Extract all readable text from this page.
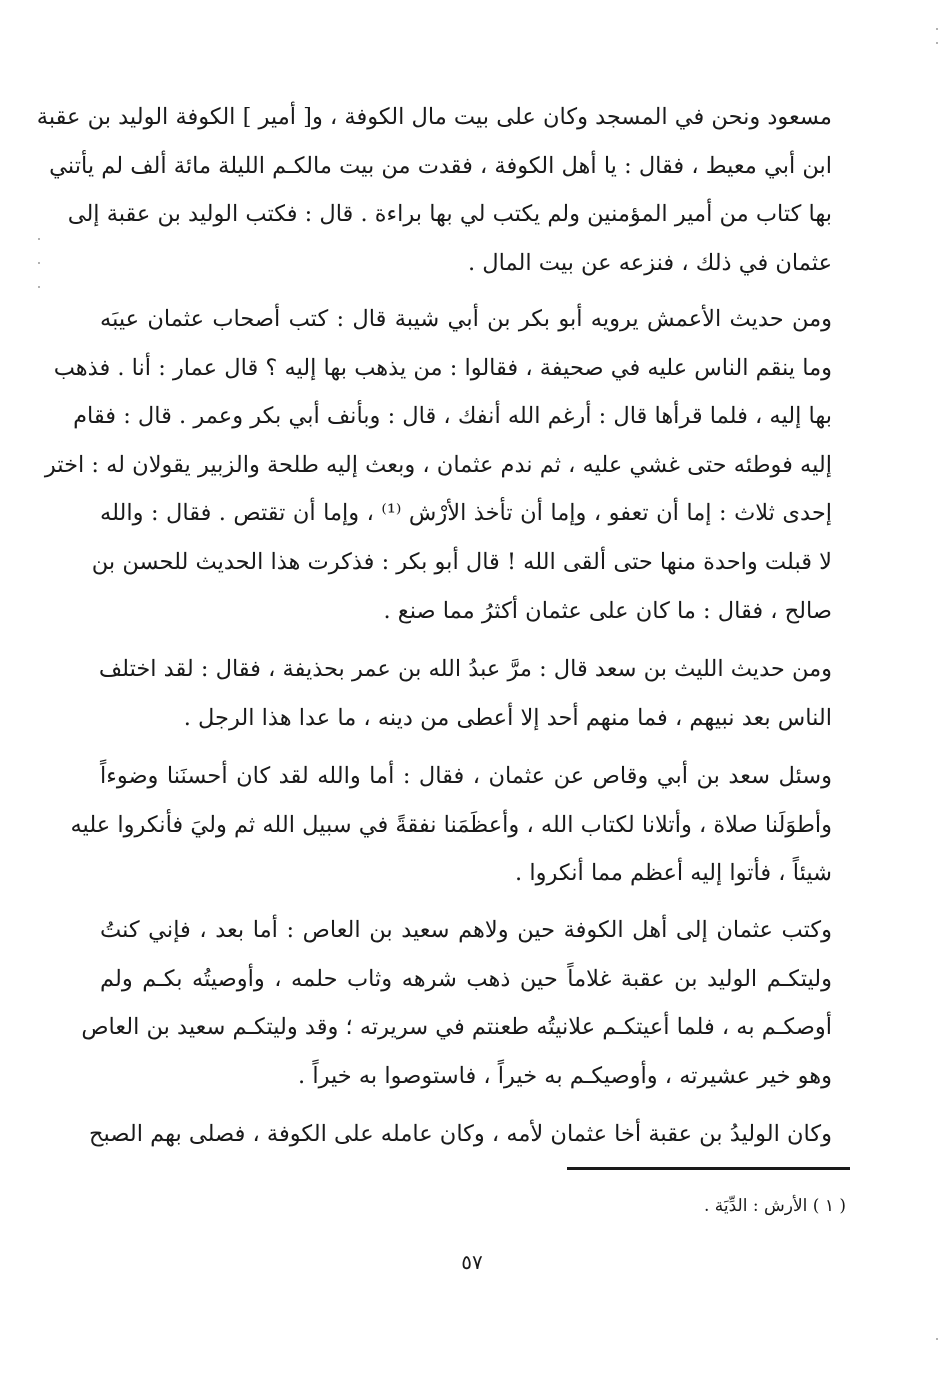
مسعود ونحن في المسجد وكان على بيت مال الكوفة ، و[ أمير ] الكوفة الوليد بن عقبة
ابن أبي معيط ، فقال : يا أهل الكوفة ، فقدت من بيت مالكـم الليلة مائة ألف لم يأتني
بها كتاب من أمير المؤمنين ولم يكتب لي بها براءة . قال : فكتب الوليد بن عقبة إلى
عثمان في ذلك ، فنزعه عن بيت المال .
ومن حديث الأعمش يرويه أبو بكر بن أبي شيبة قال : كتب أصحاب عثمان عيبَه
وما ينقم الناس عليه في صحيفة ، فقالوا : من يذهب بها إليه ؟ قال عمار : أنا . فذهب
بها إليه ، فلما قرأها قال : أرغم الله أنفك ، قال : وبأنف أبي بكر وعمر . قال : فقام
إليه فوطئه حتى غشي عليه ، ثم ندم عثمان ، وبعث إليه طلحة والزبير يقولان له : اختر
إحدى ثلاث : إما أن تعفو ، وإما أن تأخذ الأرْش ⁽¹⁾ ، وإما أن تقتص . فقال : والله
لا قبلت واحدة منها حتى ألقى الله ! قال أبو بكر : فذكرت هذا الحديث للحسن بن
صالح ، فقال : ما كان على عثمان أكثرُ مما صنع .
ومن حديث الليث بن سعد قال : مرَّ عبدُ الله بن عمر بحذيفة ، فقال : لقد اختلف
الناس بعد نبيهم ، فما منهم أحد إلا أعطى من دينه ، ما عدا هذا الرجل .
وسئل سعد بن أبي وقاص عن عثمان ، فقال : أما والله لقد كان أحسنَنا وضوءاً
وأطوَلَنا صلاة ، وأتلانا لكتاب الله ، وأعظَمَنا نفقةً في سبيل الله ثم وليَ فأنكروا عليه
شيئاً ، فأتوا إليه أعظم مما أنكروا .
وكتب عثمان إلى أهل الكوفة حين ولاهم سعيد بن العاص : أما بعد ، فإني كنتُ
وليتكـم الوليد بن عقبة غلاماً حين ذهب شرهه وثاب حلمه ، وأوصيتُه بكـم ولم
أوصكـم به ، فلما أعيتكـم علانيتُه طعنتم في سريرته ؛ وقد وليتكـم سعيد بن العاص
وهو خير عشيرته ، وأوصيكـم به خيراً ، فاستوصوا به خيراً .
وكان الوليدُ بن عقبة أخا عثمان لأمه ، وكان عامله على الكوفة ، فصلى بهم الصبح
( ١ ) الأرش : الدِّيَة .
٥٧
